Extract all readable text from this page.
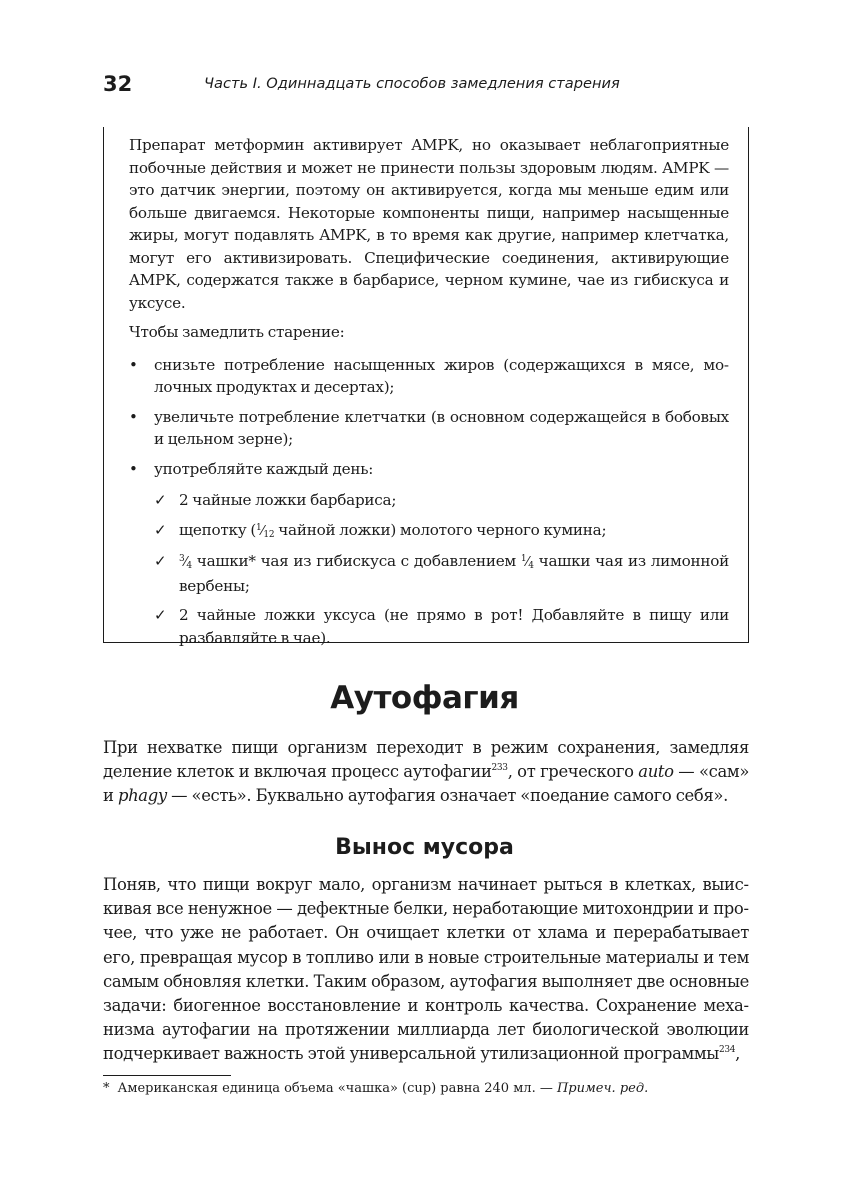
32	Часть I. Одиннадцать способов замедления старения

Препарат метформин активирует AMPK, но оказывает неблагоприятные побочные действия и может не принести пользы здоровым людям. AMPK — это датчик энергии, поэтому он активируется, когда мы меньше едим или больше двигаемся. Некоторые компоненты пищи, например насыщенные жиры, могут подавлять AMPK, в то время как другие, например клетчатка, могут его активизировать. Специфические соединения, активирующие AMPK, содержатся также в барбарисе, черном кумине, чае из гибискуса и уксусе.

Чтобы замедлить старение:

• снизьте потребление насыщенных жиров (содержащихся в мясе, молочных продуктах и десертах);
• увеличьте потребление клетчатки (в основном содержащейся в бобовых и цельном зерне);
• употребляйте каждый день:
✓ 2 чайные ложки барбариса;
✓ щепотку ($^1⁄_{12}$ чайной ложки) молотого черного кумина;
✓ $^3⁄_4$ чашки* чая из гибискуса с добавлением $^1⁄_4$ чашки чая из лимонной вербены;
✓ 2 чайные ложки уксуса (не прямо в рот! Добавляйте в пищу или разбавляйте в чае).
Аутофагия

При нехватке пищи организм переходит в режим сохранения, замедляя деление клеток и включая процесс аутофагии$^{233}$, от греческого auto — «сам» и phagy — «есть». Буквально аутофагия означает «поедание самого себя».

Вынос мусора

Поняв, что пищи вокруг мало, организм начинает рыться в клетках, выискивая все ненужное — дефектные белки, неработающие митохондрии и прочее, что уже не работает. Он очищает клетки от хлама и перерабатывает его, превращая мусор в топливо или в новые строительные материалы и тем самым обновляя клетки. Таким образом, аутофагия выполняет две основные задачи: биогенное восстановление и контроль качества. Сохранение механизма аутофагии на протяжении миллиарда лет биологической эволюции подчеркивает важность этой универсальной утилизационной программы$^{234}$,

* Американская единица объема «чашка» (cup) равна 240 мл. — Примеч. ред.
